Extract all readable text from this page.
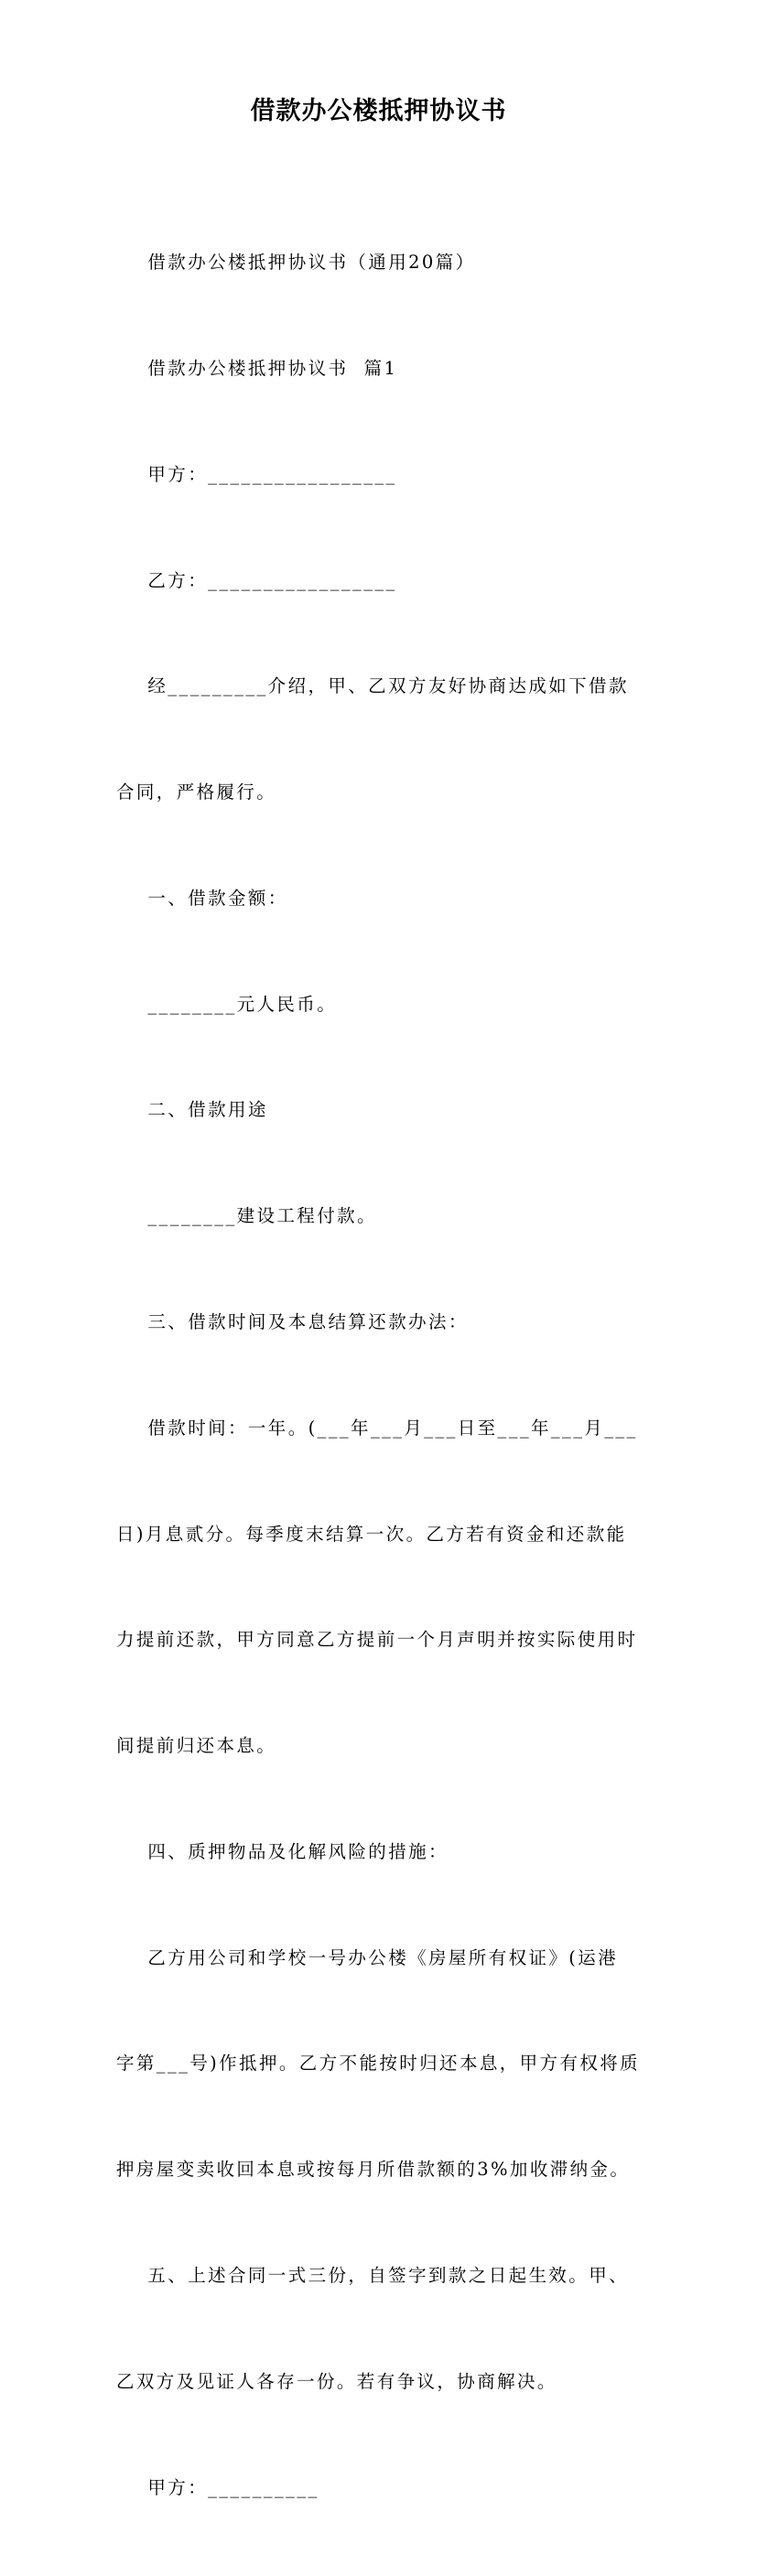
借款办公楼抵押协议书

借款办公楼抵押协议书（通用20篇）

借款办公楼抵押协议书  篇1

甲方：_________________

乙方：_________________

经_________介绍，甲、乙双方友好协商达成如下借款

合同，严格履行。

一、借款金额：

________元人民币。

二、借款用途

________建设工程付款。

三、借款时间及本息结算还款办法：

借款时间：一年。(___年___月___日至___年___月___

日)月息贰分。每季度末结算一次。乙方若有资金和还款能

力提前还款，甲方同意乙方提前一个月声明并按实际使用时

间提前归还本息。

四、质押物品及化解风险的措施：

乙方用公司和学校一号办公楼《房屋所有权证》(运港

字第___号)作抵押。乙方不能按时归还本息，甲方有权将质

押房屋变卖收回本息或按每月所借款额的3%加收滞纳金。

五、上述合同一式三份，自签字到款之日起生效。甲、

乙双方及见证人各存一份。若有争议，协商解决。

甲方：__________
